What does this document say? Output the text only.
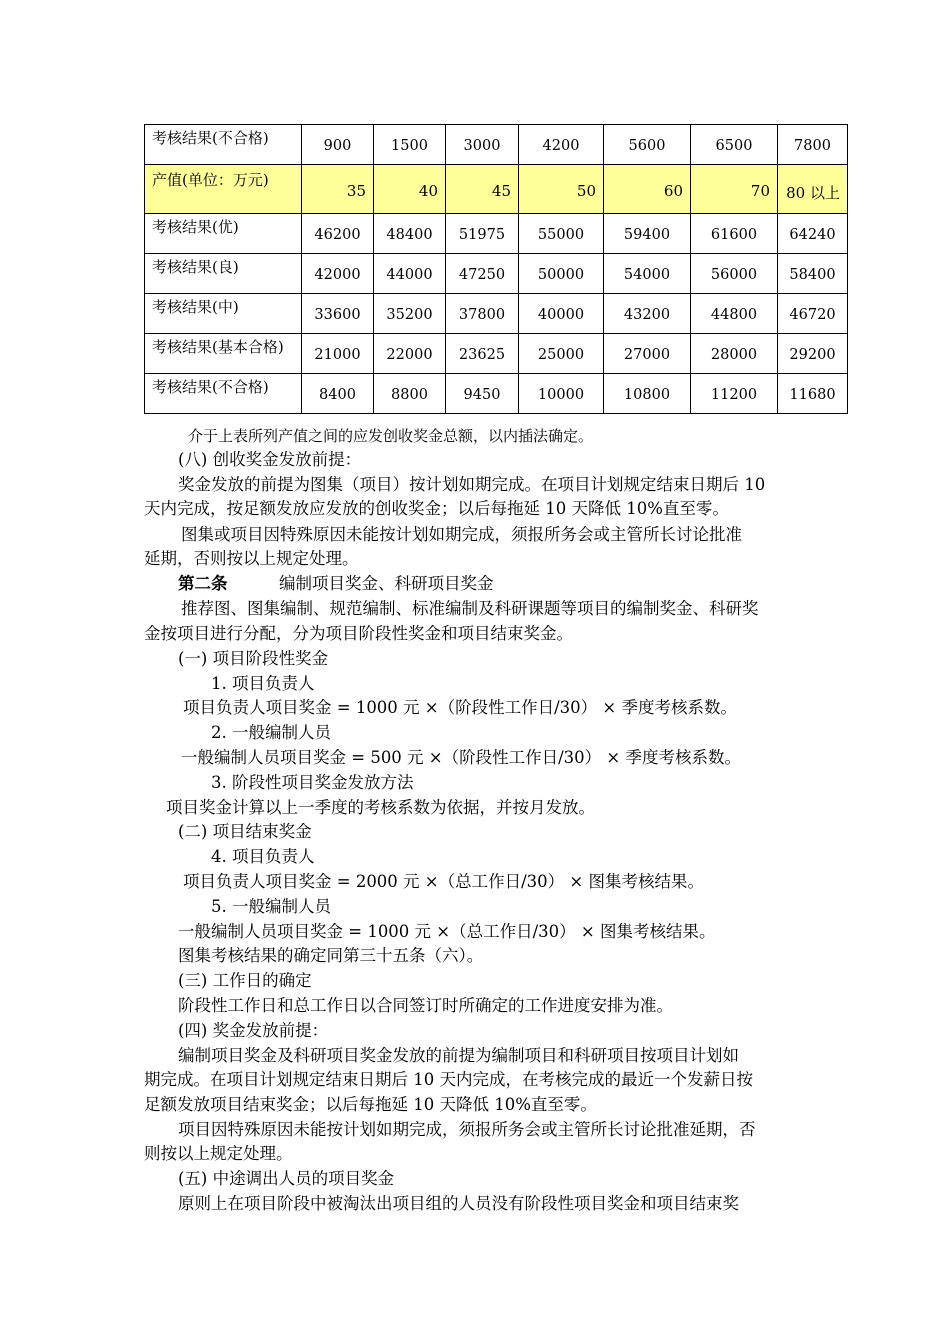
考核结果(不合格)	900	1500	3000	4200	5600	6500	7800
产值(单位：万元)	35	40	45	50	60	70	80 以上
考核结果(优)	46200	48400	51975	55000	59400	61600	64240
考核结果(良)	42000	44000	47250	50000	54000	56000	58400
考核结果(中)	33600	35200	37800	40000	43200	44800	46720
考核结果(基本合格)	21000	22000	23625	25000	27000	28000	29200
考核结果(不合格)	8400	8800	9450	10000	10800	11200	11680
介于上表所列产值之间的应发创收奖金总额，以内插法确定。
(八) 创收奖金发放前提：
奖金发放的前提为图集（项目）按计划如期完成。在项目计划规定结束日期后 10
天内完成，按足额发放应发放的创收奖金；以后每拖延 10 天降低 10%直至零。
图集或项目因特殊原因未能按计划如期完成，须报所务会或主管所长讨论批准
延期，否则按以上规定处理。
第二条	编制项目奖金、科研项目奖金
推荐图、图集编制、规范编制、标准编制及科研课题等项目的编制奖金、科研奖
金按项目进行分配，分为项目阶段性奖金和项目结束奖金。
(一) 项目阶段性奖金
1. 项目负责人
项目负责人项目奖金 = 1000 元 ×（阶段性工作日/30） × 季度考核系数。
2. 一般编制人员
一般编制人员项目奖金 = 500 元 ×（阶段性工作日/30） × 季度考核系数。
3. 阶段性项目奖金发放方法
项目奖金计算以上一季度的考核系数为依据，并按月发放。
(二) 项目结束奖金
4. 项目负责人
项目负责人项目奖金 = 2000 元 ×（总工作日/30） × 图集考核结果。
5. 一般编制人员
一般编制人员项目奖金 = 1000 元 ×（总工作日/30） × 图集考核结果。
图集考核结果的确定同第三十五条（六）。
(三) 工作日的确定
阶段性工作日和总工作日以合同签订时所确定的工作进度安排为准。
(四) 奖金发放前提：
编制项目奖金及科研项目奖金发放的前提为编制项目和科研项目按项目计划如
期完成。在项目计划规定结束日期后 10 天内完成，在考核完成的最近一个发薪日按
足额发放项目结束奖金；以后每拖延 10 天降低 10%直至零。
项目因特殊原因未能按计划如期完成，须报所务会或主管所长讨论批准延期，否
则按以上规定处理。
(五) 中途调出人员的项目奖金
原则上在项目阶段中被淘汰出项目组的人员没有阶段性项目奖金和项目结束奖
